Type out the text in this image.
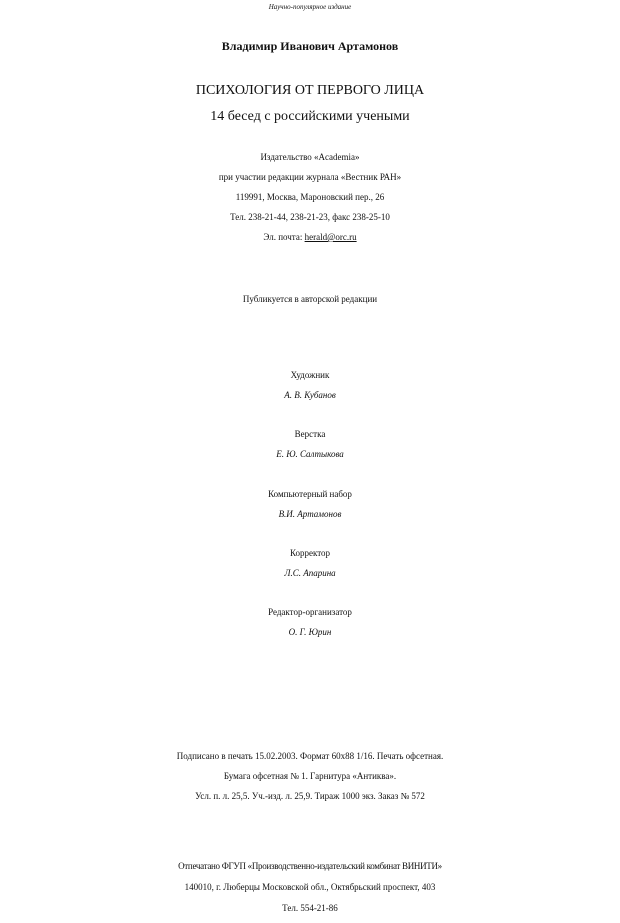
Научно-популярное издание
Владимир Иванович Артамонов
ПСИХОЛОГИЯ ОТ ПЕРВОГО ЛИЦА
14 бесед с российскими учеными
Издательство «Academia»
при участии редакции журнала «Вестник РАН»
119991, Москва, Мароновский пер., 26
Тел. 238-21-44, 238-21-23, факс 238-25-10
Эл. почта: herald@orc.ru
Публикуется в авторской редакции
Художник
А. В. Кубанов
Верстка
Е. Ю. Салтыкова
Компьютерный набор
В.И. Артамонов
Корректор
Л.С. Апарина
Редактор-организатор
О. Г. Юрин
Подписано в печать 15.02.2003. Формат 60x88 1/16. Печать офсетная.
Бумага офсетная № 1. Гарнитура «Антиква».
Усл. п. л. 25,5. Уч.-изд. л. 25,9. Тираж 1000 экз. Заказ № 572
Отпечатано ФГУП «Производственно-издательский комбинат ВИНИТИ»
140010, г. Люберцы Московской обл., Октябрьский проспект, 403
Тел. 554-21-86
